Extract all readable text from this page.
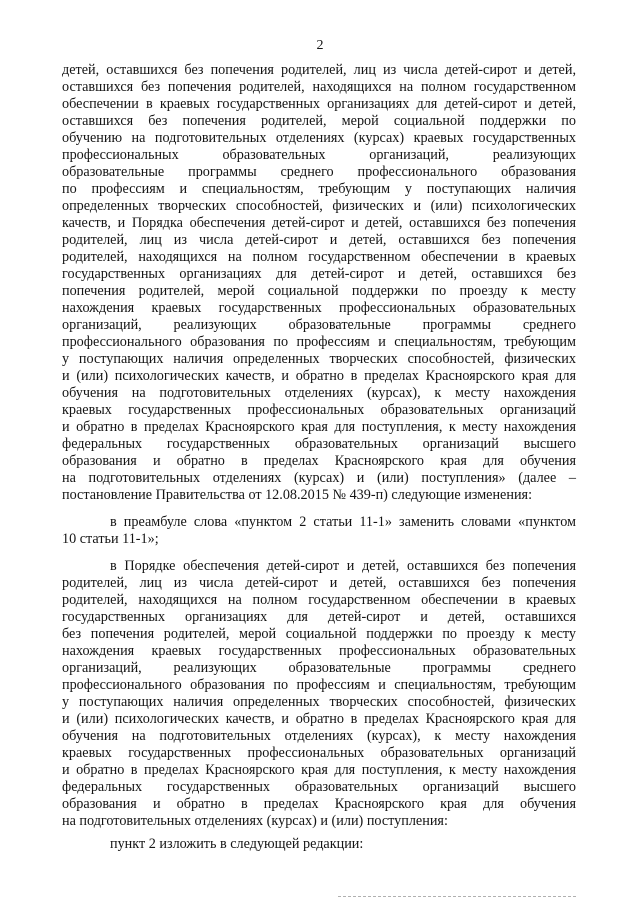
2
детей, оставшихся без попечения родителей, лиц из числа детей-сирот и детей,
оставшихся без попечения родителей, находящихся на полном государственном
обеспечении в краевых государственных организациях для детей-сирот и детей,
оставшихся без попечения родителей, мерой социальной поддержки по
обучению на подготовительных отделениях (курсах) краевых государственных
профессиональных образовательных организаций, реализующих
образовательные программы среднего профессионального образования
по профессиям и специальностям, требующим у поступающих наличия
определенных творческих способностей, физических и (или) психологических
качеств, и Порядка обеспечения детей-сирот и детей, оставшихся без попечения
родителей, лиц из числа детей-сирот и детей, оставшихся без попечения
родителей, находящихся на полном государственном обеспечении в краевых
государственных организациях для детей-сирот и детей, оставшихся без
попечения родителей, мерой социальной поддержки по проезду к месту
нахождения краевых государственных профессиональных образовательных
организаций, реализующих образовательные программы среднего
профессионального образования по профессиям и специальностям, требующим
у поступающих наличия определенных творческих способностей, физических
и (или) психологических качеств, и обратно в пределах Красноярского края для
обучения на подготовительных отделениях (курсах), к месту нахождения
краевых государственных профессиональных образовательных организаций
и обратно в пределах Красноярского края для поступления, к месту нахождения
федеральных государственных образовательных организаций высшего
образования и обратно в пределах Красноярского края для обучения
на подготовительных отделениях (курсах) и (или) поступления» (далее –
постановление Правительства от 12.08.2015 № 439-п) следующие изменения:
в преамбуле слова «пунктом 2 статьи 11-1» заменить словами «пунктом
10 статьи 11-1»;
в Порядке обеспечения детей-сирот и детей, оставшихся без попечения
родителей, лиц из числа детей-сирот и детей, оставшихся без попечения
родителей, находящихся на полном государственном обеспечении в краевых
государственных организациях для детей-сирот и детей, оставшихся
без попечения родителей, мерой социальной поддержки по проезду к месту
нахождения краевых государственных профессиональных образовательных
организаций, реализующих образовательные программы среднего
профессионального образования по профессиям и специальностям, требующим
у поступающих наличия определенных творческих способностей, физических
и (или) психологических качеств, и обратно в пределах Красноярского края для
обучения на подготовительных отделениях (курсах), к месту нахождения
краевых государственных профессиональных образовательных организаций
и обратно в пределах Красноярского края для поступления, к месту нахождения
федеральных государственных образовательных организаций высшего
образования и обратно в пределах Красноярского края для обучения
на подготовительных отделениях (курсах) и (или) поступления:
пункт 2 изложить в следующей редакции:
